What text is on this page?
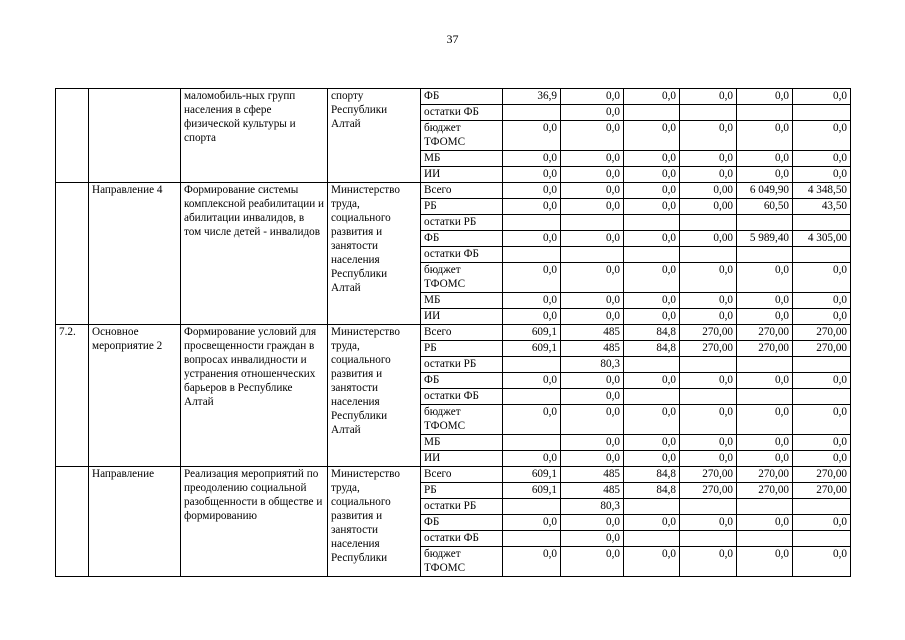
37
		маломобиль-ных групп населения в сфере физической культуры и спорта	спорту Республики Алтай	ФБ	36,9	0,0	0,0	0,0	0,0	0,0
				остатки ФБ		0,0				
				бюджет ТФОМС	0,0	0,0	0,0	0,0	0,0	0,0
				МБ	0,0	0,0	0,0	0,0	0,0	0,0
				ИИ	0,0	0,0	0,0	0,0	0,0	0,0
	Направление 4	Формирование системы комплексной реабилитации и абилитации инвалидов, в том числе детей - инвалидов	Министерство труда, социального развития и занятости населения Республики Алтай	Всего	0,0	0,0	0,0	0,00	6 049,90	4 348,50
				РБ	0,0	0,0	0,0	0,00	60,50	43,50
				остатки РБ						
				ФБ	0,0	0,0	0,0	0,00	5 989,40	4 305,00
				остатки ФБ						
				бюджет ТФОМС	0,0	0,0	0,0	0,0	0,0	0,0
				МБ	0,0	0,0	0,0	0,0	0,0	0,0
				ИИ	0,0	0,0	0,0	0,0	0,0	0,0
7.2.	Основное мероприятие 2	Формирование условий для просвещенности граждан в вопросах инвалидности и устранения отношенческих барьеров в Республике Алтай	Министерство труда, социального развития и занятости населения Республики Алтай	Всего	609,1	485	84,8	270,00	270,00	270,00
				РБ	609,1	485	84,8	270,00	270,00	270,00
				остатки РБ		80,3				
				ФБ	0,0	0,0	0,0	0,0	0,0	0,0
				остатки ФБ		0,0				
				бюджет ТФОМС	0,0	0,0	0,0	0,0	0,0	0,0
				МБ		0,0	0,0	0,0	0,0	0,0
				ИИ	0,0	0,0	0,0	0,0	0,0	0,0
	Направление	Реализация мероприятий по преодолению социальной разобщенности в обществе и формированию	Министерство труда, социального развития и занятости населения Республики	Всего	609,1	485	84,8	270,00	270,00	270,00
				РБ	609,1	485	84,8	270,00	270,00	270,00
				остатки РБ		80,3				
				ФБ	0,0	0,0	0,0	0,0	0,0	0,0
				остатки ФБ		0,0				
				бюджет ТФОМС	0,0	0,0	0,0	0,0	0,0	0,0
